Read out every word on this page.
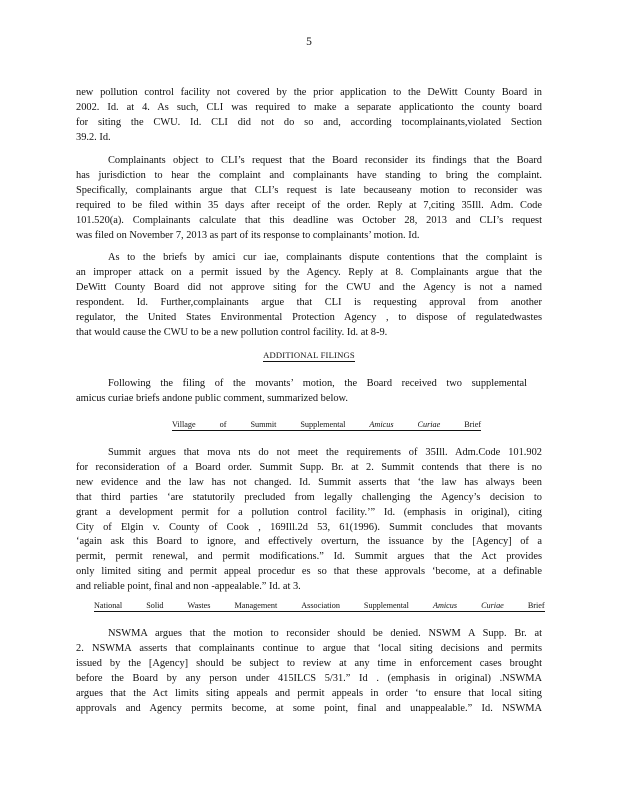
5
new pollution control facility not covered by the prior application to the DeWitt County Board in
2002. Id. at 4. As such, CLI was required to make a separate applicationto the county board
for siting the CWU. Id. CLI did not do so and, according tocomplainants,violated Section
39.2. Id.
Complainants object to CLI’s request that the Board reconsider its findings that the Board
has jurisdiction to hear the complaint and complainants have standing to bring the complaint.
Specifically, complainants argue that CLI’s request is late becauseany motion to reconsider was
required to be filed within 35 days after receipt of the order. Reply at 7,citing 35Ill. Adm. Code
101.520(a). Complainants calculate that this deadline was October 28, 2013 and CLI’s request
was filed on November 7, 2013 as part of its response to complainants’ motion. Id.
As to the briefs by amici cur iae, complainants dispute contentions that the complaint is
an improper attack on a permit issued by the Agency. Reply at 8. Complainants argue that the
DeWitt County Board did not approve siting for the CWU and the Agency is not a named
respondent. Id. Further,complainants argue that CLI is requesting approval from another
regulator, the United States Environmental Protection Agency , to dispose of regulatedwastes
that would cause the CWU to be a new pollution control facility. Id. at 8-9.
ADDITIONAL FILINGS
Following the filing of the movants’ motion, the Board received two supplemental
amicus curiae briefs andone public comment, summarized below.
Village	of	Summit	Supplemental	Amicus	Curiae	Brief
Summit argues that mova nts do not meet the requirements of 35Ill. Adm.Code 101.902
for reconsideration of a Board order. Summit Supp. Br. at 2. Summit contends that there is no
new evidence and the law has not changed. Id. Summit asserts that ‘the law has always been
that third parties ‘are statutorily precluded from legally challenging the Agency’s decision to
grant a development permit for a pollution control facility.’” Id. (emphasis in original), citing
City of Elgin v. County of Cook , 169Ill.2d 53, 61(1996). Summit concludes that movants
‘again ask this Board to ignore, and effectively overturn, the issuance by the [Agency] of a
permit, permit renewal, and permit modifications.” Id. Summit argues that the Act provides
only limited siting and permit appeal procedur es so that these approvals ‘become, at a definable
and reliable point, final and non -appealable.” Id. at 3.
National	Solid	Wastes	Management	Association	Supplemental	Amicus	Curiae	Brief
NSWMA argues that the motion to reconsider should be denied. NSWM A Supp. Br. at
2. NSWMA asserts that complainants continue to argue that ‘local siting decisions and permits
issued by the [Agency] should be subject to review at any time in enforcement cases brought
before the Board by any person under 415ILCS 5/31.” Id . (emphasis in original) .NSWMA
argues that the Act limits siting appeals and permit appeals in order ‘to ensure that local siting
approvals and Agency permits become, at some point, final and unappealable.” Id. NSWMA
